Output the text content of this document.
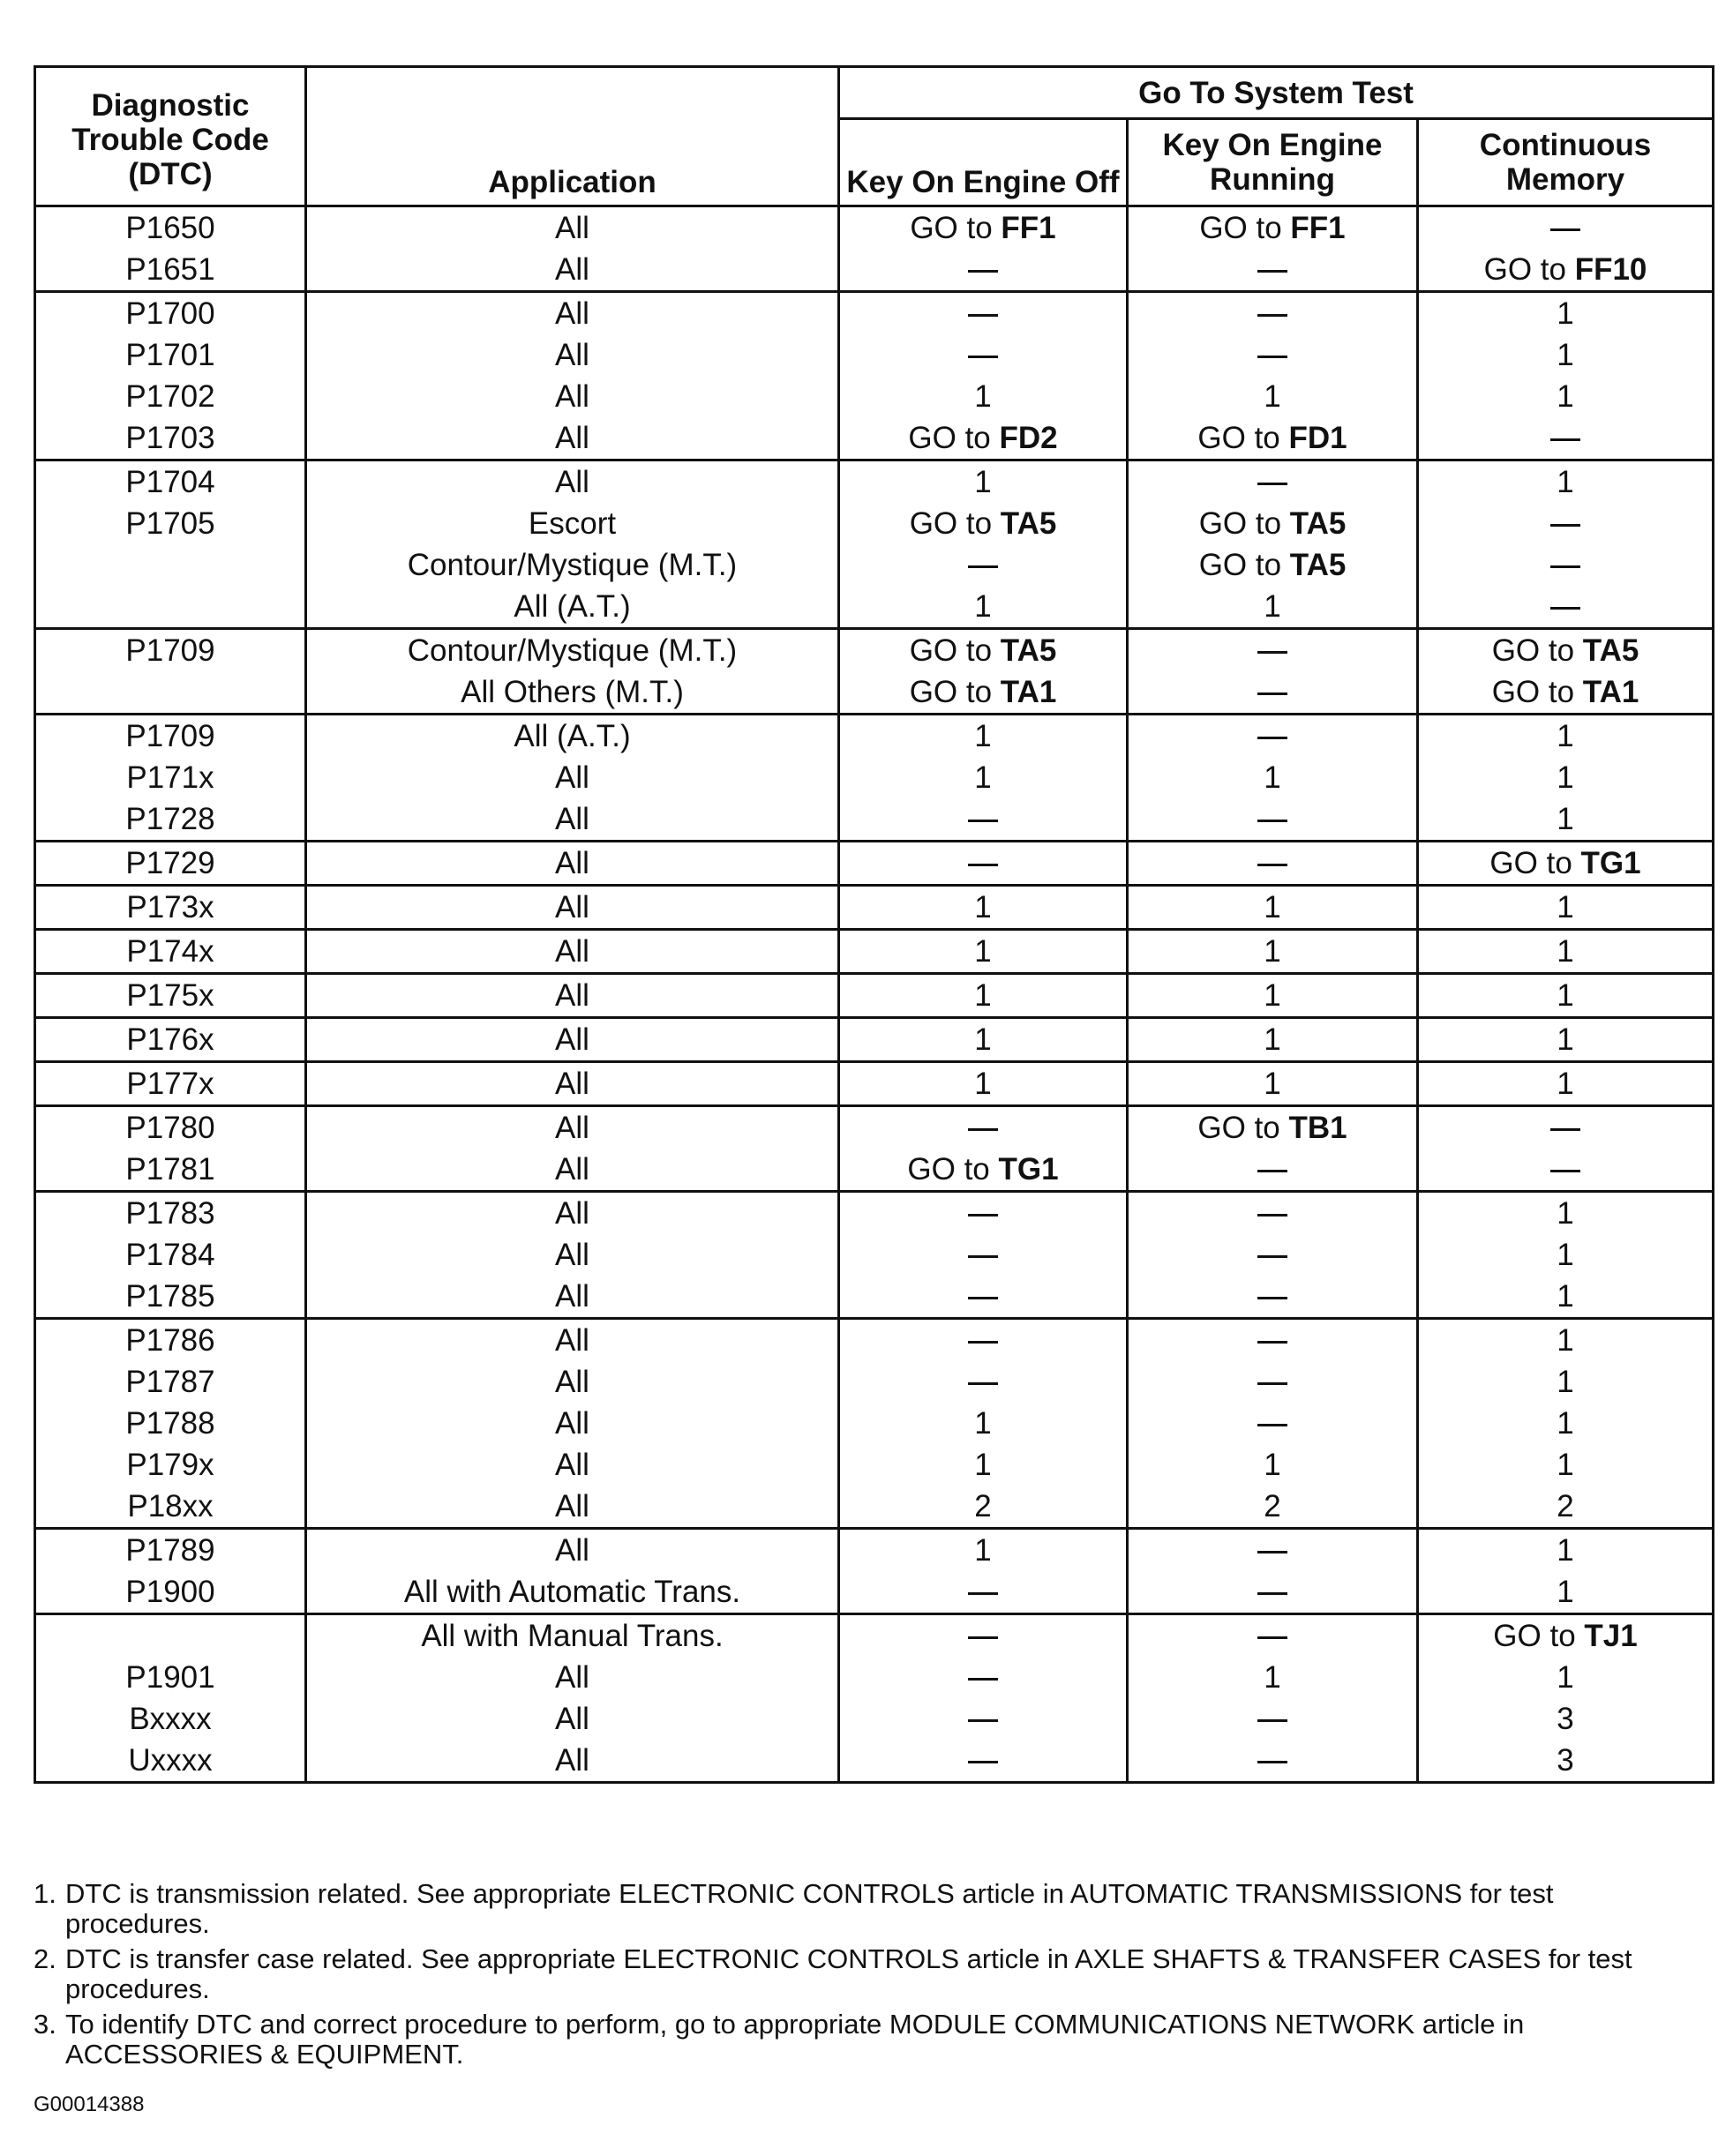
Diagnostic Trouble Code (DTC)	Application	Go To System Test		
		Key On Engine Off	Key On Engine Running	Continuous Memory
P1650	All	GO to FF1	GO to FF1	
P1651	All			GO to FF10
P1700	All			1
P1701	All			1
P1702	All	1	1	1
P1703	All	GO to FD2	GO to FD1	
P1704	All	1		1
P1705	Escort	GO to TA5	GO to TA5	
	Contour/Mystique (M.T.)		GO to TA5	
	All (A.T.)	1	1	
P1709	Contour/Mystique (M.T.)	GO to TA5		GO to TA5
	All Others (M.T.)	GO to TA1		GO to TA1
P1709	All (A.T.)	1		1
P171x	All	1	1	1
P1728	All			1
P1729	All			GO to TG1
P173x	All	1	1	1
P174x	All	1	1	1
P175x	All	1	1	1
P176x	All	1	1	1
P177x	All	1	1	1
P1780	All		GO to TB1	
P1781	All	GO to TG1		
P1783	All			1
P1784	All			1
P1785	All			1
P1786	All			1
P1787	All			1
P1788	All	1		1
P179x	All	1	1	1
P18xx	All	2	2	2
P1789	All	1		1
P1900	All with Automatic Trans.			1
	All with Manual Trans.			GO to TJ1
P1901	All		1	1
Bxxxx	All			3
Uxxxx	All			3
1. DTC is transmission related. See appropriate ELECTRONIC CONTROLS article in AUTOMATIC TRANSMISSIONS for test procedures.
2. DTC is transfer case related. See appropriate ELECTRONIC CONTROLS article in AXLE SHAFTS & TRANSFER CASES for test procedures.
3. To identify DTC and correct procedure to perform, go to appropriate MODULE COMMUNICATIONS NETWORK article in ACCESSORIES & EQUIPMENT.
G00014388
